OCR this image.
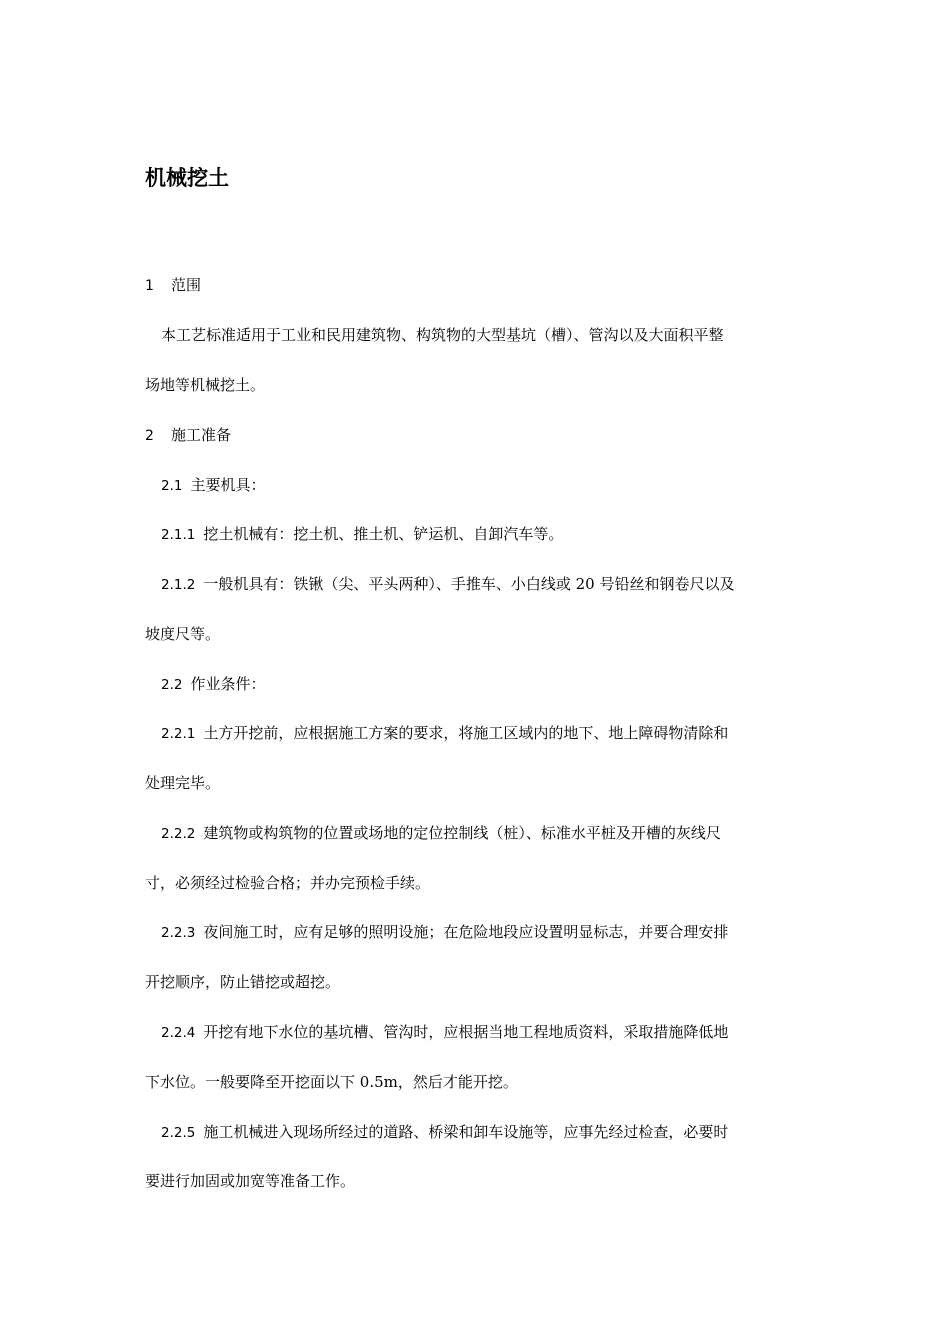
机械挖土

1 范围

本工艺标准适用于工业和民用建筑物、构筑物的大型基坑（槽）、管沟以及大面积平整

场地等机械挖土。

2 施工准备

2.1 主要机具：

2.1.1 挖土机械有：挖土机、推土机、铲运机、自卸汽车等。

2.1.2 一般机具有：铁锹（尖、平头两种）、手推车、小白线或 20 号铅丝和钢卷尺以及

坡度尺等。

2.2 作业条件：

2.2.1 土方开挖前，应根据施工方案的要求，将施工区域内的地下、地上障碍物清除和

处理完毕。

2.2.2 建筑物或构筑物的位置或场地的定位控制线（桩）、标准水平桩及开槽的灰线尺

寸，必须经过检验合格；并办完预检手续。

2.2.3 夜间施工时，应有足够的照明设施；在危险地段应设置明显标志，并要合理安排

开挖顺序，防止错挖或超挖。

2.2.4 开挖有地下水位的基坑槽、管沟时，应根据当地工程地质资料，采取措施降低地

下水位。一般要降至开挖面以下 0.5m，然后才能开挖。

2.2.5 施工机械进入现场所经过的道路、桥梁和卸车设施等，应事先经过检查，必要时

要进行加固或加宽等准备工作。
